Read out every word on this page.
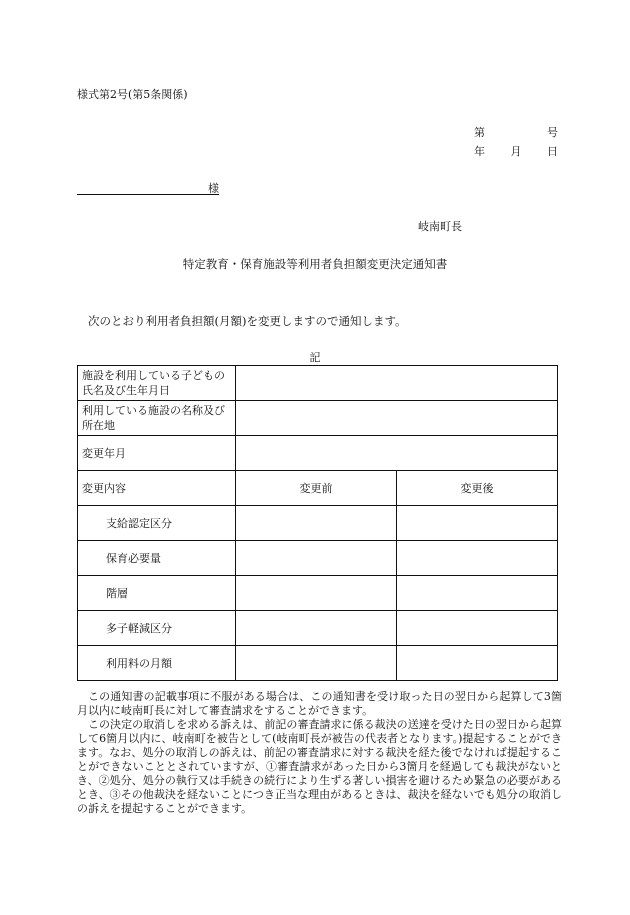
様式第2号(第5条関係)
第	号
年 月 日
様
岐南町長
特定教育・保育施設等利用者負担額変更決定通知書
次のとおり利用者負担額(月額)を変更しますので通知します。
記
施設を利用している子どもの氏名及び生年月日		
利用している施設の名称及び所在地		
変更年月		
変更内容	変更前	変更後
支給認定区分		
保育必要量		
階層		
多子軽減区分		
利用料の月額		

この通知書の記載事項に不服がある場合は、この通知書を受け取った日の翌日から起算して3箇月以内に岐南町長に対して審査請求をすることができます。

この決定の取消しを求める訴えは、前記の審査請求に係る裁決の送達を受けた日の翌日から起算して6箇月以内に、岐南町を被告として(岐南町長が被告の代表者となります。)提起することができます。なお、処分の取消しの訴えは、前記の審査請求に対する裁決を経た後でなければ提起することができないこととされていますが、①審査請求があった日から3箇月を経過しても裁決がないとき、②処分、処分の執行又は手続きの続行により生ずる著しい損害を避けるため緊急の必要があるとき、③その他裁決を経ないことにつき正当な理由があるときは、裁決を経ないでも処分の取消しの訴えを提起することができます。
